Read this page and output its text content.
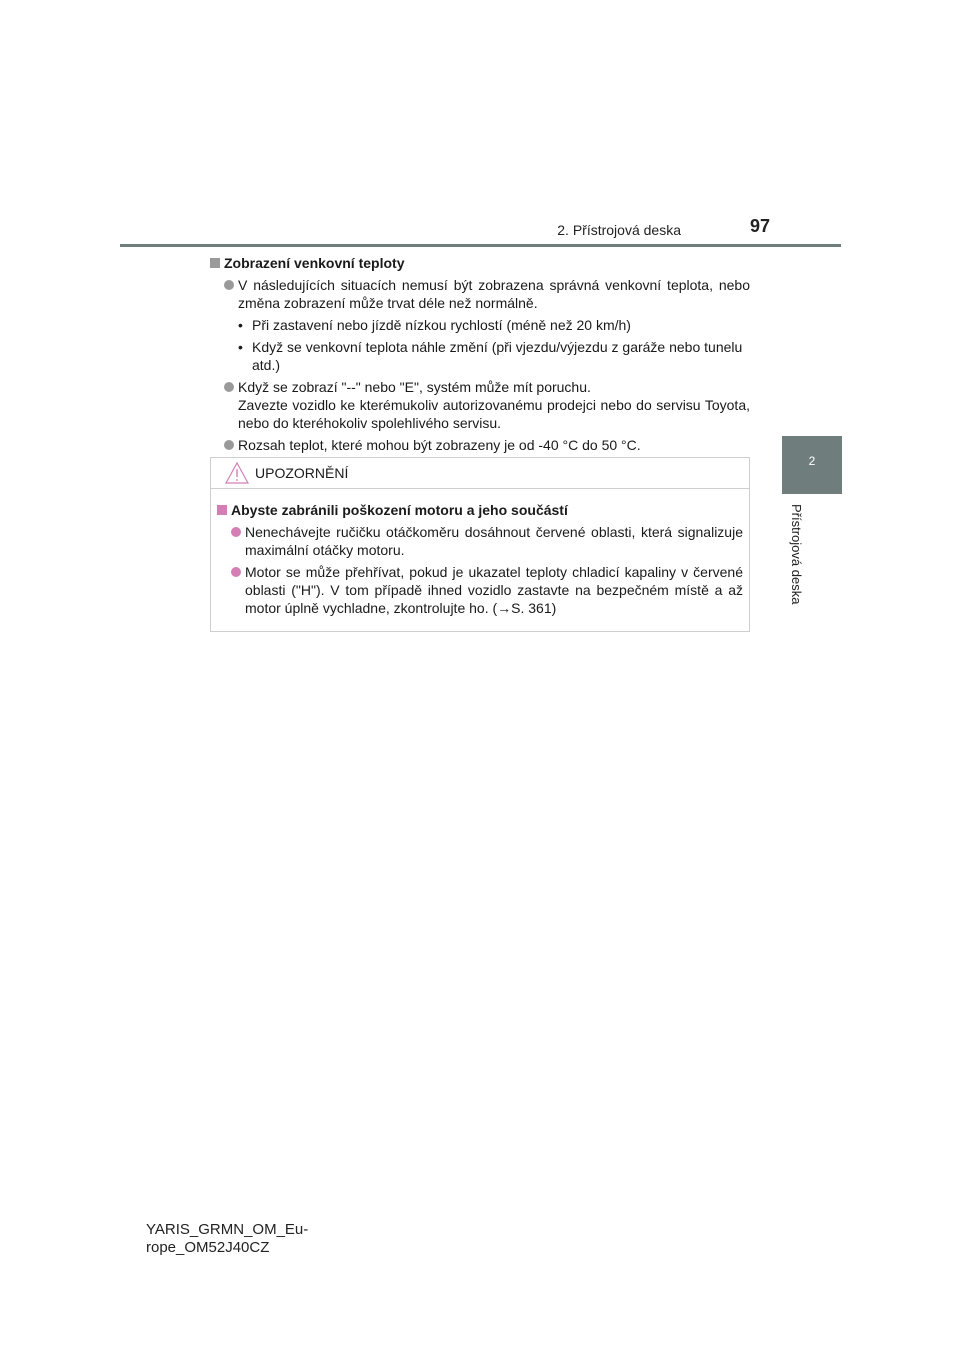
2. Přístrojová deska	97
2
Přístrojová deska
Zobrazení venkovní teploty
V následujících situacích nemusí být zobrazena správná venkovní teplota, nebo změna zobrazení může trvat déle než normálně.
• Při zastavení nebo jízdě nízkou rychlostí (méně než 20 km/h)
• Když se venkovní teplota náhle změní (při vjezdu/výjezdu z garáže nebo tunelu atd.)
Když se zobrazí "--" nebo "E", systém může mít poruchu.
Zavezte vozidlo ke kterémukoliv autorizovanému prodejci nebo do servisu Toyota, nebo do kteréhokoliv spolehlivého servisu.
Rozsah teplot, které mohou být zobrazeny je od -40 °C do 50 °C.
UPOZORNĚNÍ
Abyste zabránili poškození motoru a jeho součástí
Nenechávejte ručičku otáčkoměru dosáhnout červené oblasti, která signalizuje maximální otáčky motoru.
Motor se může přehřívat, pokud je ukazatel teploty chladicí kapaliny v červené oblasti ("H"). V tom případě ihned vozidlo zastavte na bezpečném místě a až motor úplně vychladne, zkontrolujte ho. (→S. 361)
YARIS_GRMN_OM_Eu-
rope_OM52J40CZ
